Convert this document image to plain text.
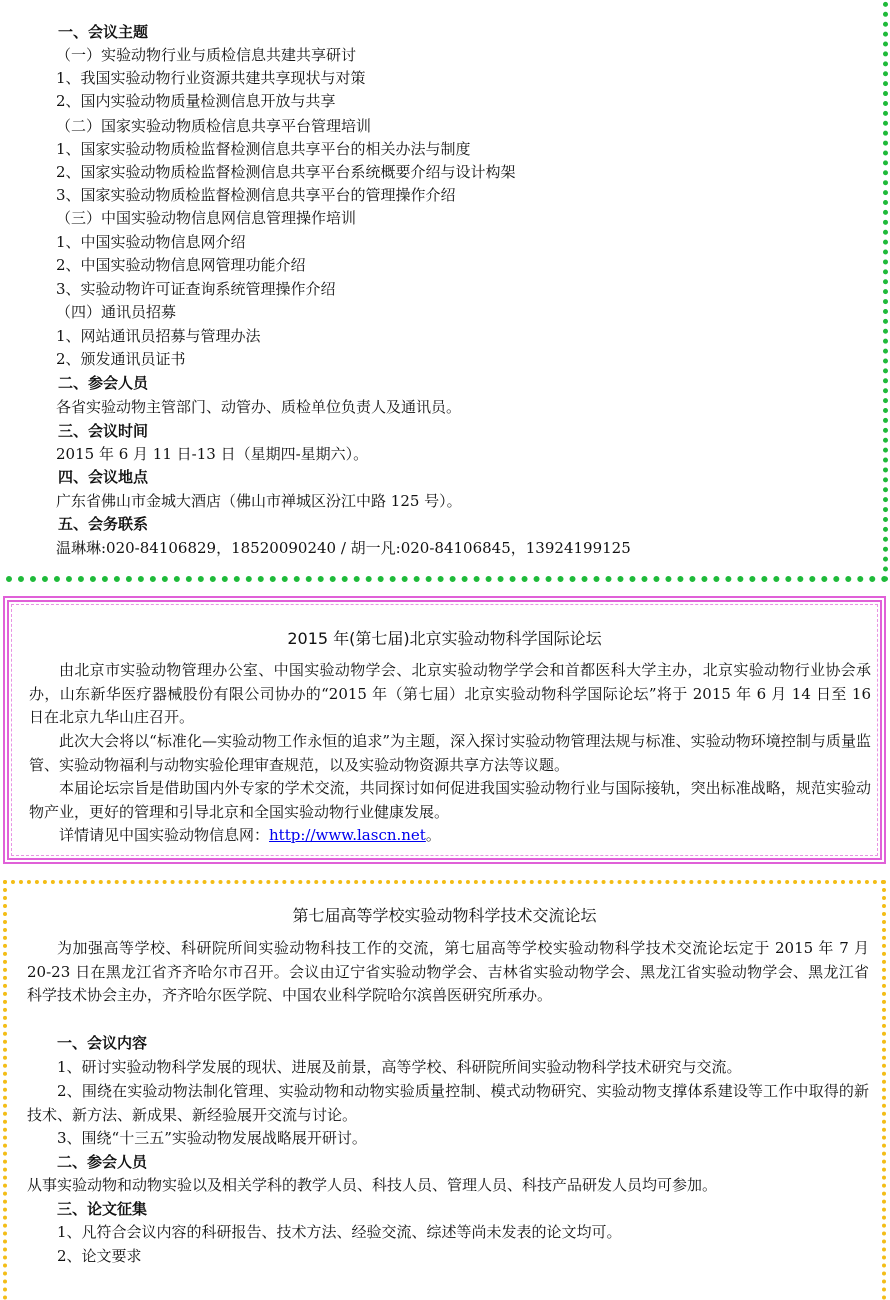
一、会议主题
（一）实验动物行业与质检信息共建共享研讨
1、我国实验动物行业资源共建共享现状与对策
2、国内实验动物质量检测信息开放与共享
（二）国家实验动物质检信息共享平台管理培训
1、国家实验动物质检监督检测信息共享平台的相关办法与制度
2、国家实验动物质检监督检测信息共享平台系统概要介绍与设计构架
3、国家实验动物质检监督检测信息共享平台的管理操作介绍
（三）中国实验动物信息网信息管理操作培训
1、中国实验动物信息网介绍
2、中国实验动物信息网管理功能介绍
3、实验动物许可证查询系统管理操作介绍
（四）通讯员招募
1、网站通讯员招募与管理办法
2、颁发通讯员证书
二、参会人员
各省实验动物主管部门、动管办、质检单位负责人及通讯员。
三、会议时间
2015 年 6 月 11 日-13 日（星期四-星期六）。
四、会议地点
广东省佛山市金城大酒店（佛山市禅城区汾江中路 125 号）。
五、会务联系
温琳琳:020-84106829，18520090240 / 胡一凡:020-84106845，13924199125
2015 年(第七届)北京实验动物科学国际论坛
由北京市实验动物管理办公室、中国实验动物学会、北京实验动物学学会和首都医科大学主办，北京实验动物行业协会承办，山东新华医疗器械股份有限公司协办的“2015 年（第七届）北京实验动物科学国际论坛”将于 2015 年 6 月 14 日至 16 日在北京九华山庄召开。
此次大会将以“标准化—实验动物工作永恒的追求”为主题，深入探讨实验动物管理法规与标准、实验动物环境控制与质量监管、实验动物福利与动物实验伦理审查规范，以及实验动物资源共享方法等议题。
本届论坛宗旨是借助国内外专家的学术交流，共同探讨如何促进我国实验动物行业与国际接轨，突出标准战略，规范实验动物产业，更好的管理和引导北京和全国实验动物行业健康发展。
详情请见中国实验动物信息网：http://www.lascn.net。
第七届高等学校实验动物科学技术交流论坛
为加强高等学校、科研院所间实验动物科技工作的交流，第七届高等学校实验动物科学技术交流论坛定于 2015 年 7 月 20-23 日在黑龙江省齐齐哈尔市召开。会议由辽宁省实验动物学会、吉林省实验动物学会、黑龙江省实验动物学会、黑龙江省科学技术协会主办，齐齐哈尔医学院、中国农业科学院哈尔滨兽医研究所承办。
一、会议内容
1、研讨实验动物科学发展的现状、进展及前景，高等学校、科研院所间实验动物科学技术研究与交流。
2、围绕在实验动物法制化管理、实验动物和动物实验质量控制、模式动物研究、实验动物支撑体系建设等工作中取得的新技术、新方法、新成果、新经验展开交流与讨论。
3、围绕“十三五”实验动物发展战略展开研讨。
二、参会人员
从事实验动物和动物实验以及相关学科的教学人员、科技人员、管理人员、科技产品研发人员均可参加。
三、论文征集
1、凡符合会议内容的科研报告、技术方法、经验交流、综述等尚未发表的论文均可。
2、论文要求
